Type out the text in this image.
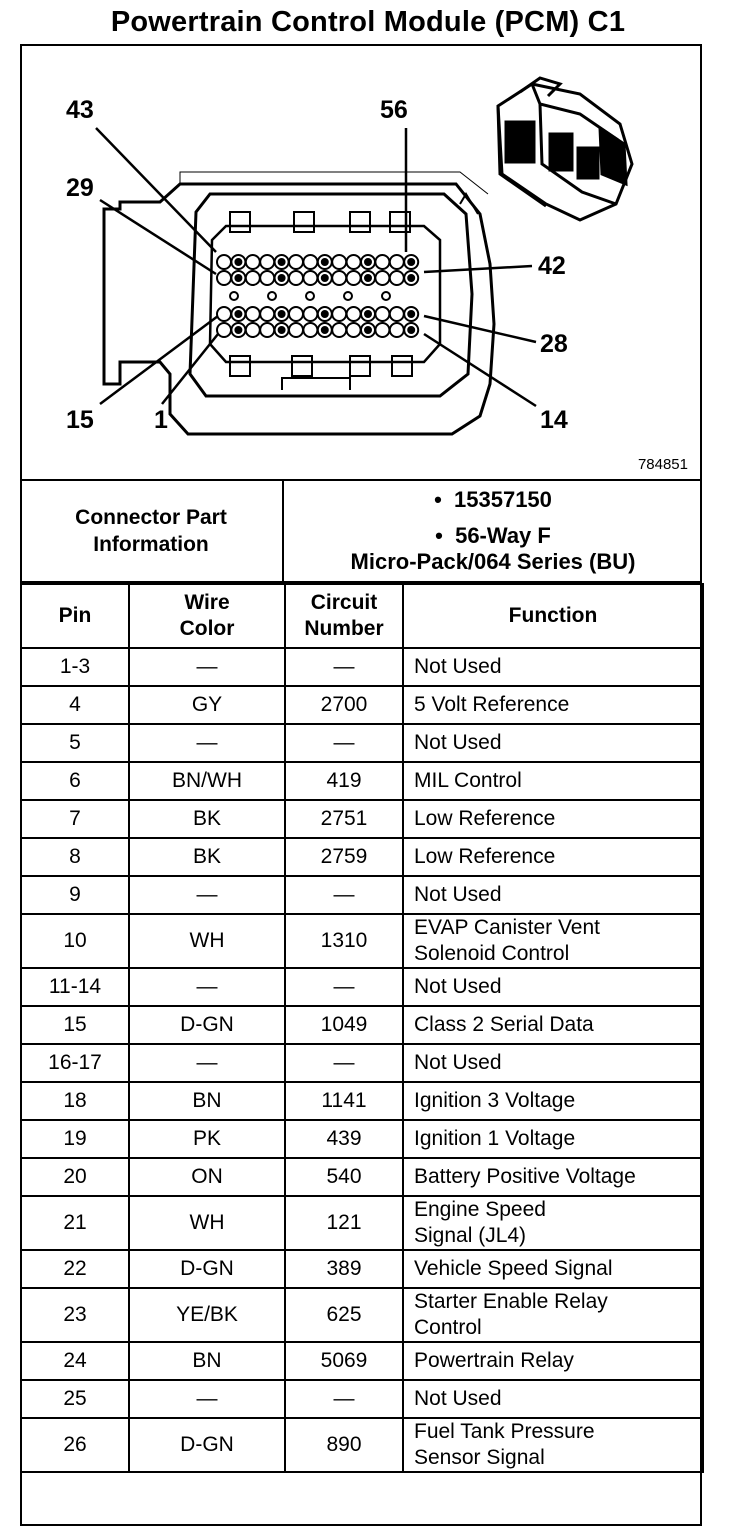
Powertrain Control Module (PCM) C1
43	56
29
42
28
15 1	14
784851
Connector Part Information
• 15357150
• 56-Way F
Micro-Pack/064 Series (BU)
Pin	Wire Color	Circuit Number	Function
1-3	—	—	Not Used
4	GY	2700	5 Volt Reference
5	—	—	Not Used
6	BN/WH	419	MIL Control
7	BK	2751	Low Reference
8	BK	2759	Low Reference
9	—	—	Not Used
10	WH	1310	EVAP Canister Vent
Solenoid Control
11-14	—	—	Not Used
15	D-GN	1049	Class 2 Serial Data
16-17	—	—	Not Used
18	BN	1141	Ignition 3 Voltage
19	PK	439	Ignition 1 Voltage
20	ON	540	Battery Positive Voltage
21	WH	121	Engine Speed
Signal (JL4)
22	D-GN	389	Vehicle Speed Signal
23	YE/BK	625	Starter Enable Relay
Control
24	BN	5069	Powertrain Relay
25	—	—	Not Used
26	D-GN	890	Fuel Tank Pressure
Sensor Signal
